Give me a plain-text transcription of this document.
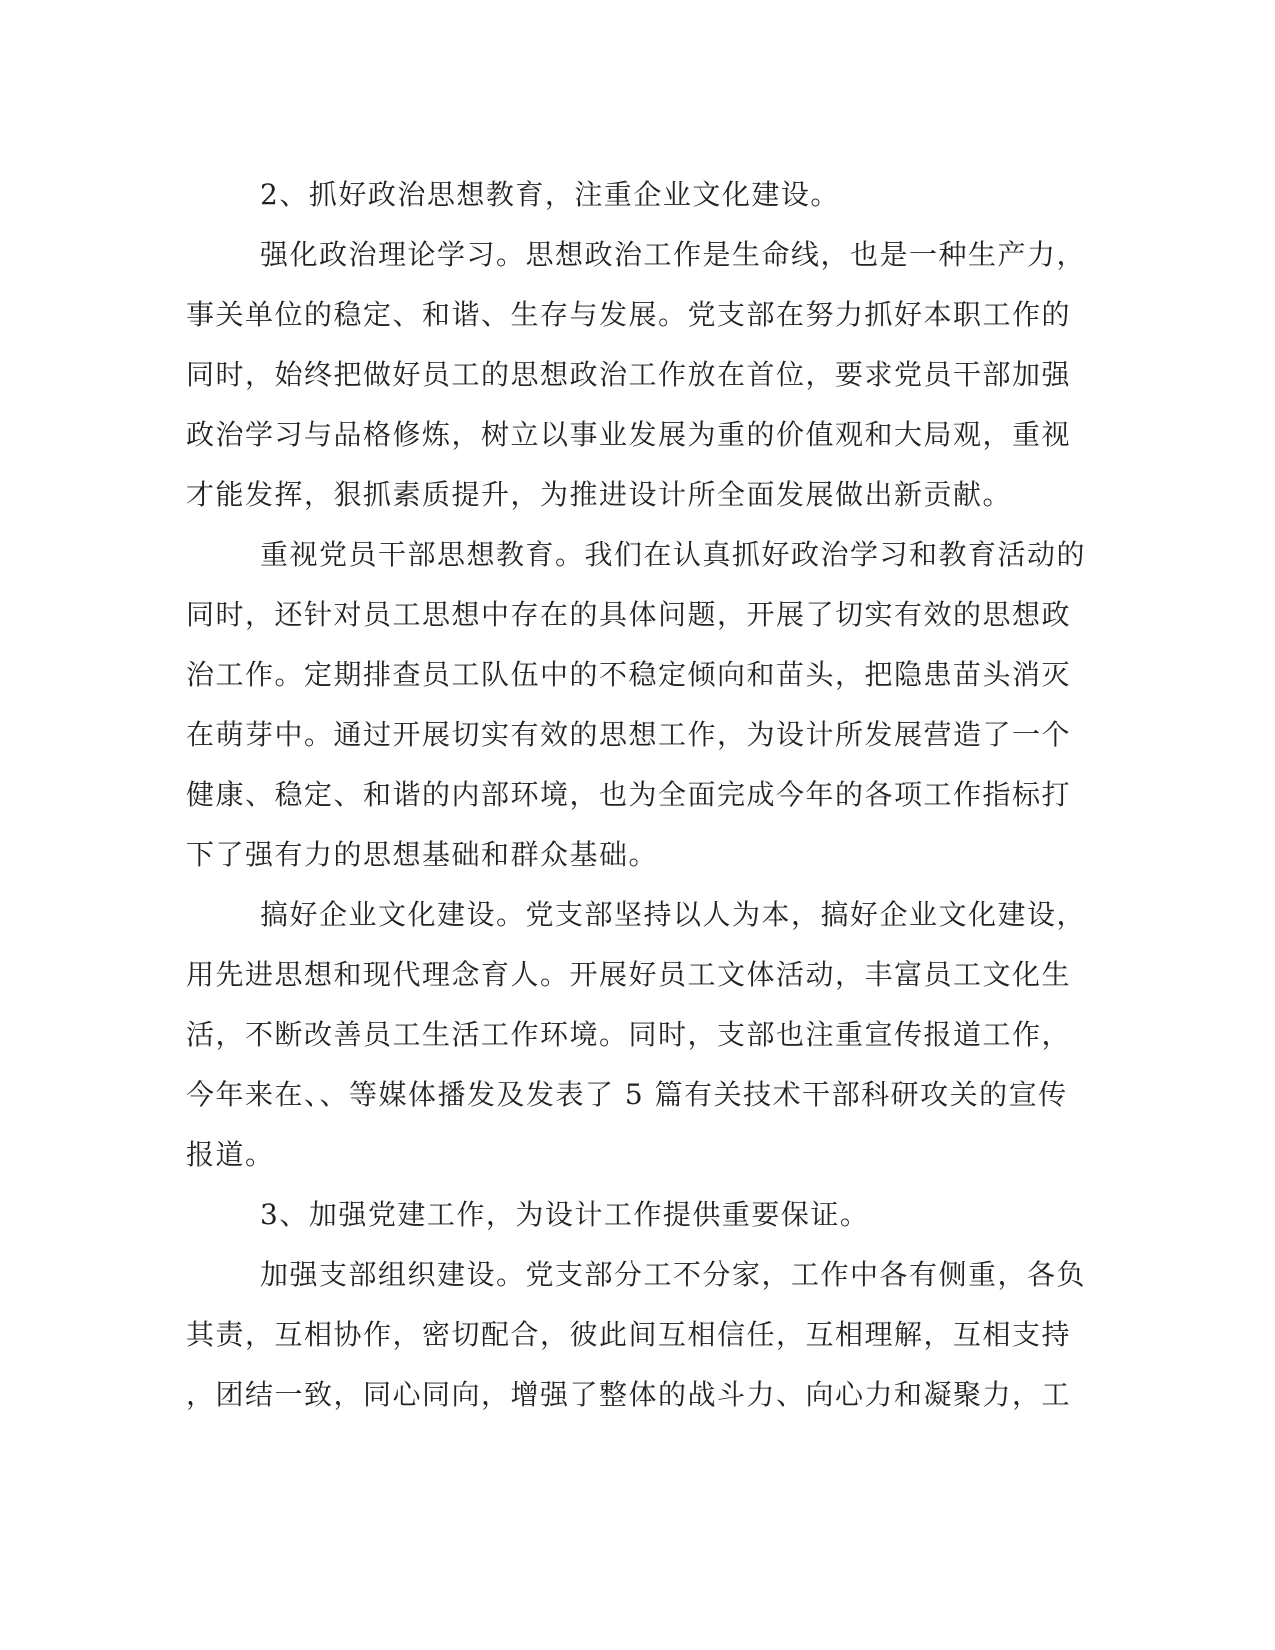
2、抓好政治思想教育，注重企业文化建设。
强化政治理论学习。思想政治工作是生命线，也是一种生产力，
事关单位的稳定、和谐、生存与发展。党支部在努力抓好本职工作的
同时，始终把做好员工的思想政治工作放在首位，要求党员干部加强
政治学习与品格修炼，树立以事业发展为重的价值观和大局观，重视
才能发挥，狠抓素质提升，为推进设计所全面发展做出新贡献。
重视党员干部思想教育。我们在认真抓好政治学习和教育活动的
同时，还针对员工思想中存在的具体问题，开展了切实有效的思想政
治工作。定期排查员工队伍中的不稳定倾向和苗头，把隐患苗头消灭
在萌芽中。通过开展切实有效的思想工作，为设计所发展营造了一个
健康、稳定、和谐的内部环境，也为全面完成今年的各项工作指标打
下了强有力的思想基础和群众基础。
搞好企业文化建设。党支部坚持以人为本，搞好企业文化建设，
用先进思想和现代理念育人。开展好员工文体活动，丰富员工文化生
活，不断改善员工生活工作环境。同时，支部也注重宣传报道工作，
今年来在、、等媒体播发及发表了 5 篇有关技术干部科研攻关的宣传
报道。
3、加强党建工作，为设计工作提供重要保证。
加强支部组织建设。党支部分工不分家，工作中各有侧重，各负
其责，互相协作，密切配合，彼此间互相信任，互相理解，互相支持
，团结一致，同心同向，增强了整体的战斗力、向心力和凝聚力，工
